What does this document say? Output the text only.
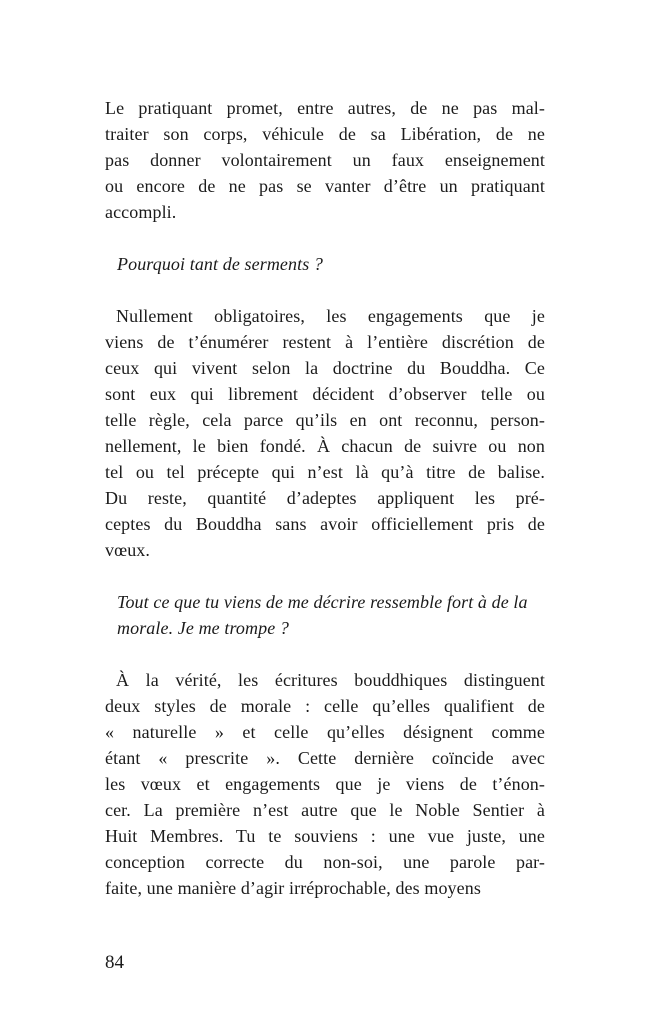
Le pratiquant promet, entre autres, de ne pas mal-
traiter son corps, véhicule de sa Libération, de ne
pas donner volontairement un faux enseignement
ou encore de ne pas se vanter d’être un pratiquant
accompli.
Pourquoi tant de serments ?
Nullement obligatoires, les engagements que je
viens de t’énumérer restent à l’entière discrétion de
ceux qui vivent selon la doctrine du Bouddha. Ce
sont eux qui librement décident d’observer telle ou
telle règle, cela parce qu’ils en ont reconnu, person-
nellement, le bien fondé. À chacun de suivre ou non
tel ou tel précepte qui n’est là qu’à titre de balise.
Du reste, quantité d’adeptes appliquent les pré-
ceptes du Bouddha sans avoir officiellement pris de
vœux.
Tout ce que tu viens de me décrire ressemble fort à de la
morale. Je me trompe ?
À la vérité, les écritures bouddhiques distinguent
deux styles de morale : celle qu’elles qualifient de
« naturelle » et celle qu’elles désignent comme
étant « prescrite ». Cette dernière coïncide avec
les vœux et engagements que je viens de t’énon-
cer. La première n’est autre que le Noble Sentier à
Huit Membres. Tu te souviens : une vue juste, une
conception correcte du non-soi, une parole par-
faite, une manière d’agir irréprochable, des moyens
84
